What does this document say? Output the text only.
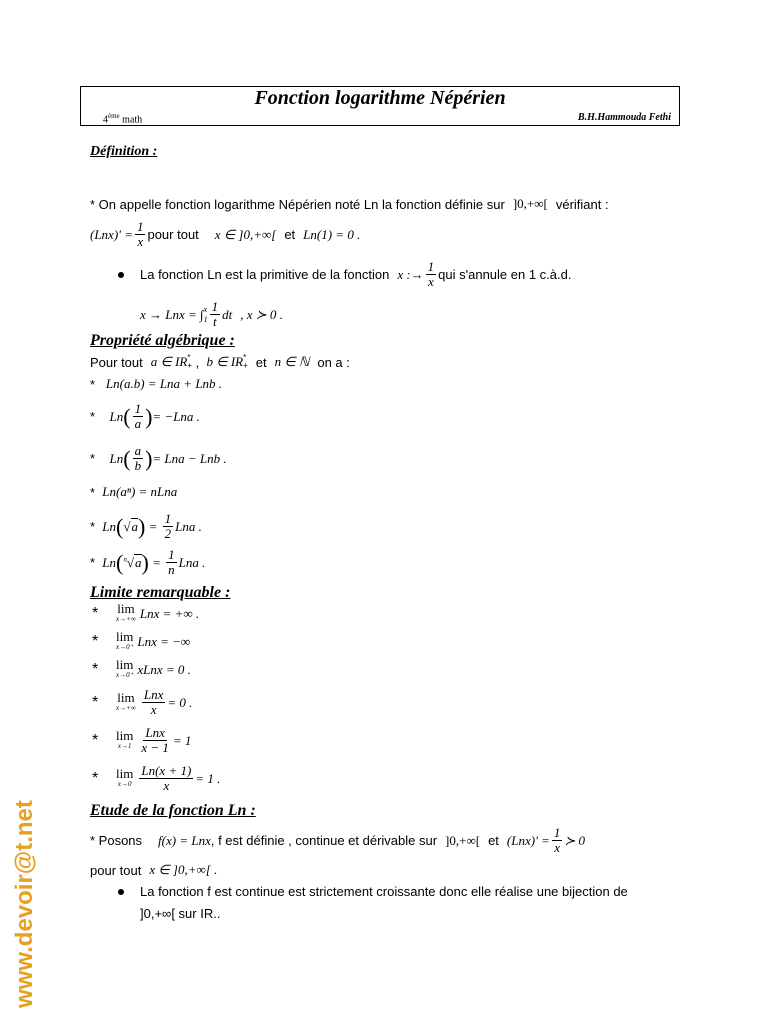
Fonction logarithme Népérien
4ème math	B.H.Hammouda Fethi
Définition :
* On appelle fonction logarithme Népérien noté Ln la fonction définie sur ]0,+∞[ vérifiant :
$(Lnx)' = \frac{1}{x}$ pour tout x ∈ ]0,+∞[ et Ln(1) = 0 .
La fonction Ln est la primitive de la fonction x :→ $\frac{1}{x}$ qui s'annule en 1 c.à.d.
x → Lnx = ∫ x
$1 \frac{1}{t}$ dt , x ≻ 0 .
Propriété algébrique :
Pour tout a ∈ IR *
+ , b ∈ IR *
+ et n ∈ ℕ on a :
* Ln(a.b) = Lna + Lnb .
* Ln ( $\frac{1}{a}$ ) = −Lna .
* Ln ( $\frac{a}{b}$ ) = Lna − Lnb .
* Ln(aⁿ) = nLna
* Ln ( √a ) = $\frac{1}{2}$ Lna .
* Ln ( $^n$√a ) = $\frac{1}{n}$ Lna .
Limite remarquable :
* lim
x→+∞ Lnx = +∞ .
* lim
x→0⁺ Lnx = −∞
* lim
x→0⁺ xLnx = 0 .
* lim
$x\to+\infty \frac{\text{Lnx}}{x} = 0$ .
* lim
$x\to 1 \frac{\text{Lnx}}{x - 1} = 1$
* lim
$x\to 0 \frac{Ln(x + 1)}{x} = 1$ .
Etude de la fonction Ln :
* Posons f(x) = Lnx , f est définie , continue et dérivable sur ]0,+∞[ et $(Lnx)' = \frac{1}{x}$ ≻ 0
pour tout x ∈ ]0,+∞[ .
La fonction f est continue est strictement croissante donc elle réalise une bijection de
]0,+∞[ sur IR..
www.devoir@t.net
